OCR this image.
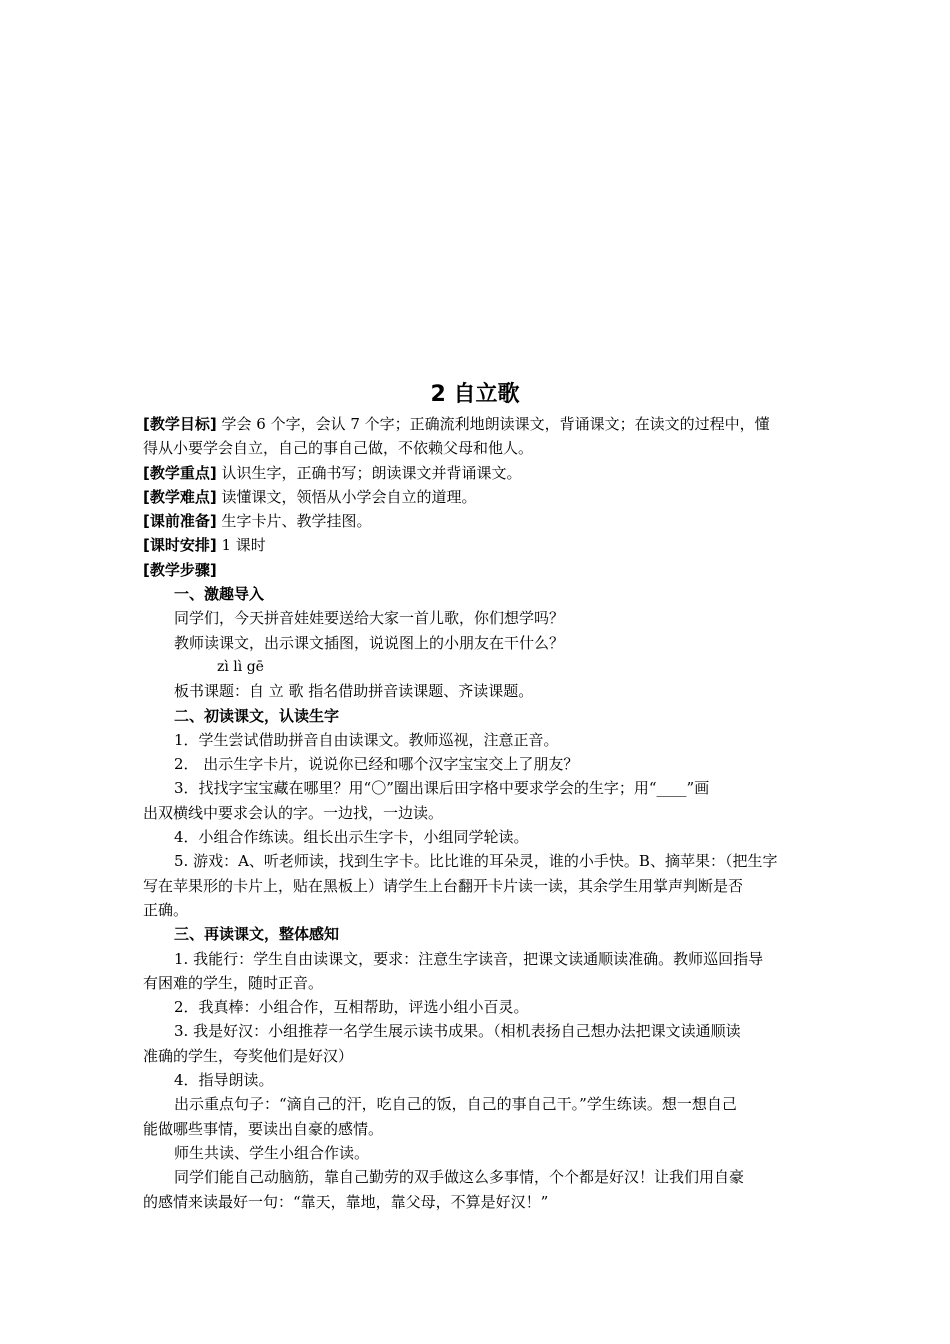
2 自立歌

[教学目标] 学会 6 个字，会认 7 个字；正确流利地朗读课文，背诵课文；在读文的过程中，懂

得从小要学会自立，自己的事自己做，不依赖父母和他人。

[教学重点] 认识生字，正确书写；朗读课文并背诵课文。

[教学难点] 读懂课文，领悟从小学会自立的道理。

[课前准备] 生字卡片、教学挂图。

[课时安排] 1 课时

[教学步骤]

一、激趣导入

同学们，今天拼音娃娃要送给大家一首儿歌，你们想学吗？

教师读课文，出示课文插图，说说图上的小朋友在干什么？

zì lì gē

板书课题：自 立 歌 指名借助拼音读课题、齐读课题。

二、初读课文，认读生字

1．学生尝试借助拼音自由读课文。教师巡视，注意正音。

2． 出示生字卡片，说说你已经和哪个汉字宝宝交上了朋友？

3．找找字宝宝藏在哪里？用“〇”圈出课后田字格中要求学会的生字；用“____”画

出双横线中要求会认的字。一边找，一边读。

4．小组合作练读。组长出示生字卡，小组同学轮读。

5. 游戏：A、听老师读，找到生字卡。比比谁的耳朵灵，谁的小手快。B、摘苹果：（把生字

写在苹果形的卡片上，贴在黑板上）请学生上台翻开卡片读一读，其余学生用掌声判断是否

正确。

三、再读课文，整体感知

1. 我能行：学生自由读课文，要求：注意生字读音，把课文读通顺读准确。教师巡回指导

有困难的学生，随时正音。

2．我真棒：小组合作，互相帮助，评选小组小百灵。

3. 我是好汉：小组推荐一名学生展示读书成果。（相机表扬自己想办法把课文读通顺读

准确的学生，夸奖他们是好汉）

4．指导朗读。

出示重点句子：“滴自己的汗，吃自己的饭，自己的事自己干。”学生练读。想一想自己

能做哪些事情，要读出自豪的感情。

师生共读、学生小组合作读。

同学们能自己动脑筋，靠自己勤劳的双手做这么多事情，个个都是好汉！让我们用自豪

的感情来读最好一句：“靠天，靠地，靠父母，不算是好汉！”
